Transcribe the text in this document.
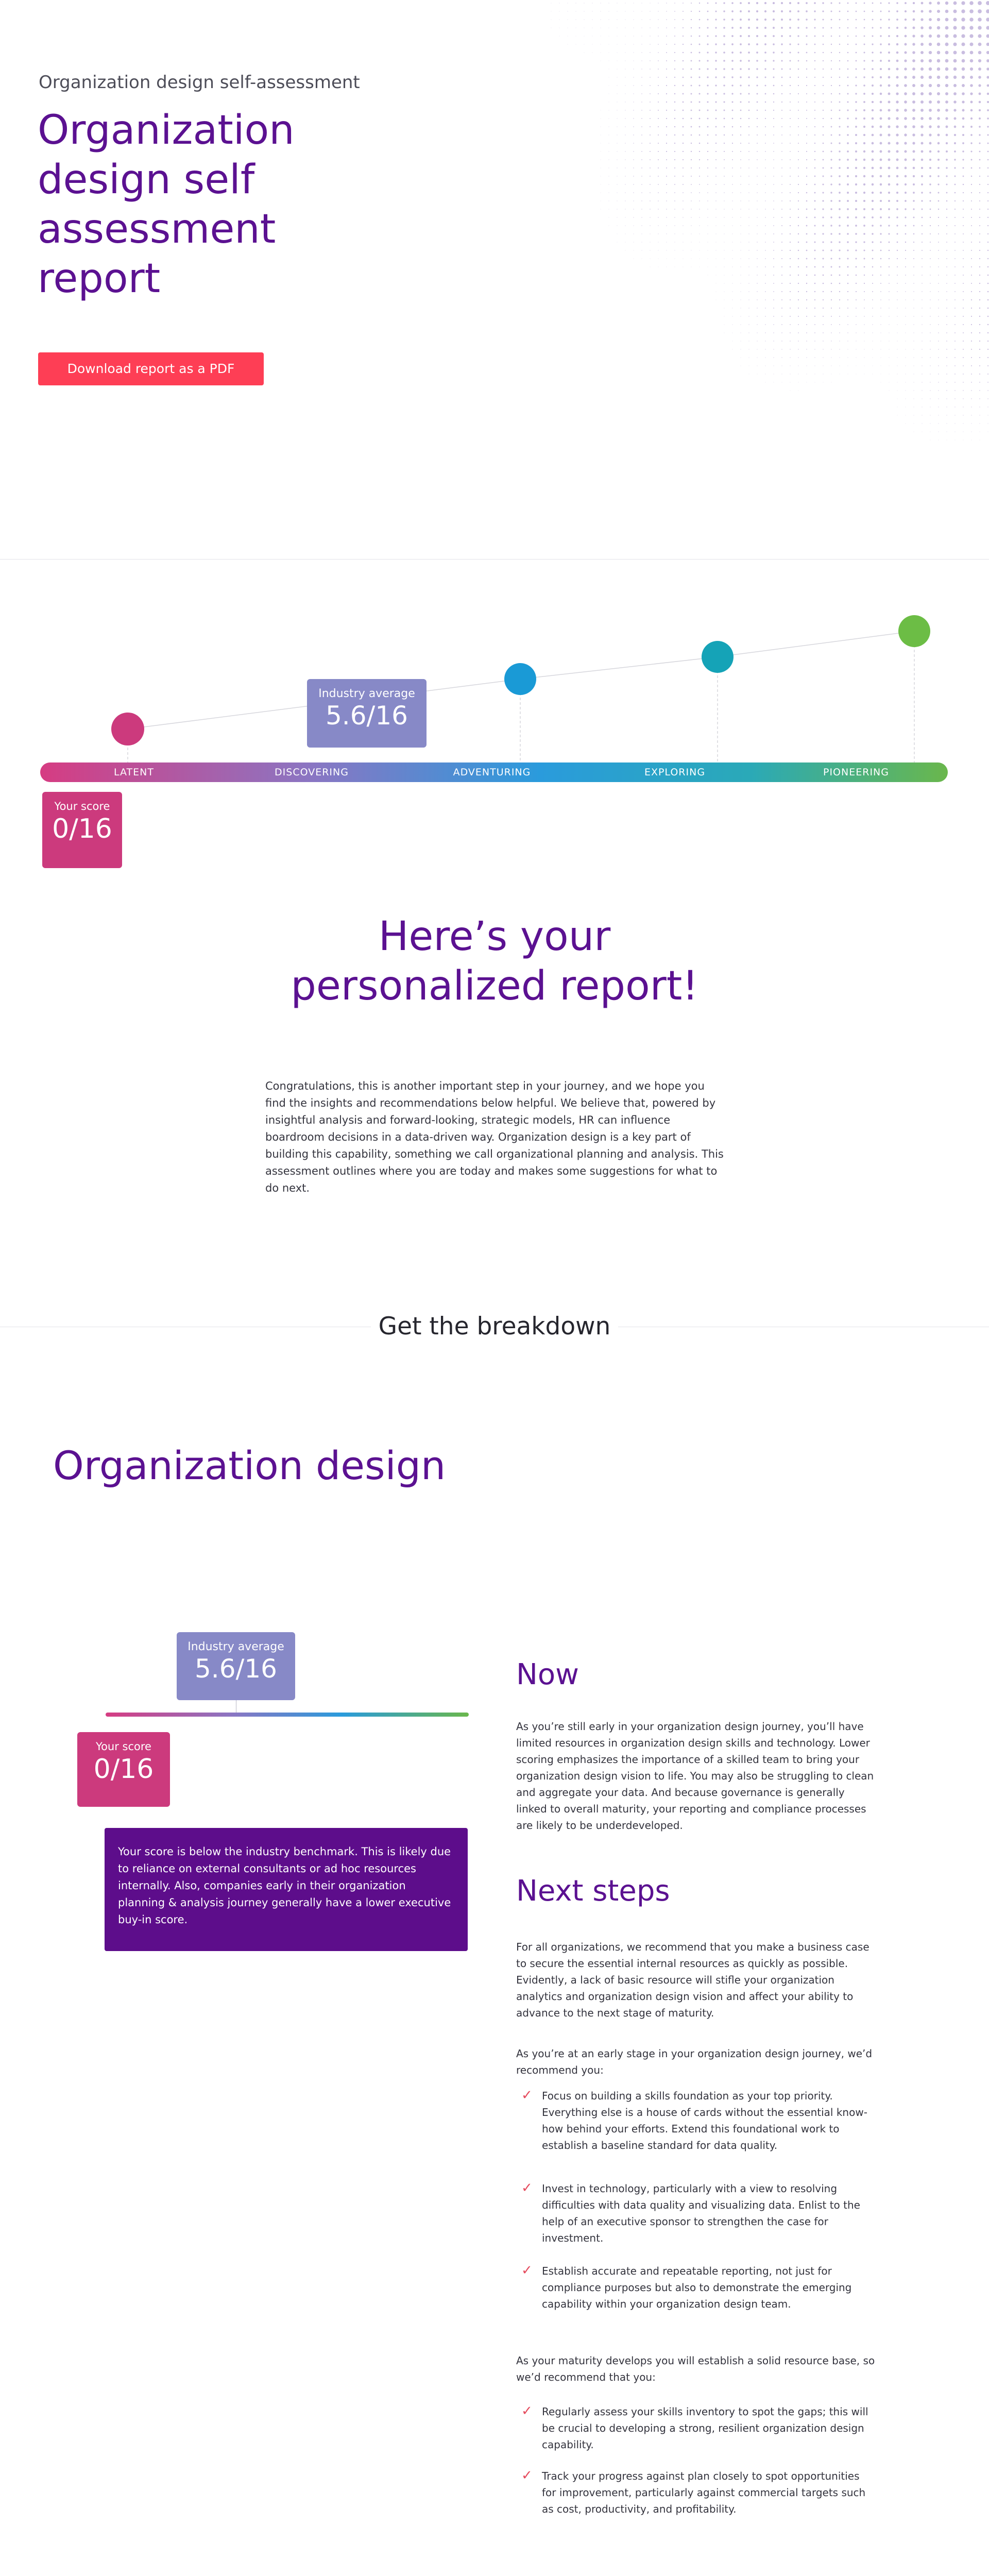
Organization design self-assessment
Organization design self assessment report
Download report as a PDF
Industry average
5.6/16
LATENT	DISCOVERING	ADVENTURING	EXPLORING	PIONEERING
Your score
0/16
Here’s your
personalized report!

Congratulations, this is another important step in your journey, and we hope you find the insights and recommendations below helpful. We believe that, powered by insightful analysis and forward-looking, strategic models, HR can influence boardroom decisions in a data-driven way. Organization design is a key part of building this capability, something we call organizational planning and analysis. This assessment outlines where you are today and makes some suggestions for what to do next.

Get the breakdown
Organization design
Industry average
5.6/16
Your score
0/16
Your score is below the industry benchmark. This is likely due to reliance on external consultants or ad hoc resources internally. Also, companies early in their organization planning & analysis journey generally have a lower executive buy-in score.
Now

As you’re still early in your organization design journey, you’ll have limited resources in organization design skills and technology. Lower scoring emphasizes the importance of a skilled team to bring your organization design vision to life. You may also be struggling to clean and aggregate your data. And because governance is generally linked to overall maturity, your reporting and compliance processes are likely to be underdeveloped.

Next steps

For all organizations, we recommend that you make a business case to secure the essential internal resources as quickly as possible. Evidently, a lack of basic resource will stifle your organization analytics and organization design vision and affect your ability to advance to the next stage of maturity.

As you’re at an early stage in your organization design journey, we’d recommend you:

✓ Focus on building a skills foundation as your top priority. Everything else is a house of cards without the essential know-how behind your efforts. Extend this foundational work to establish a baseline standard for data quality.

✓ Invest in technology, particularly with a view to resolving difficulties with data quality and visualizing data. Enlist to the help of an executive sponsor to strengthen the case for investment.

✓ Establish accurate and repeatable reporting, not just for compliance purposes but also to demonstrate the emerging capability within your organization design team.

As your maturity develops you will establish a solid resource base, so we’d recommend that you:

✓ Regularly assess your skills inventory to spot the gaps; this will be crucial to developing a strong, resilient organization design capability.

✓ Track your progress against plan closely to spot opportunities for improvement, particularly against commercial targets such as cost, productivity, and profitability.
